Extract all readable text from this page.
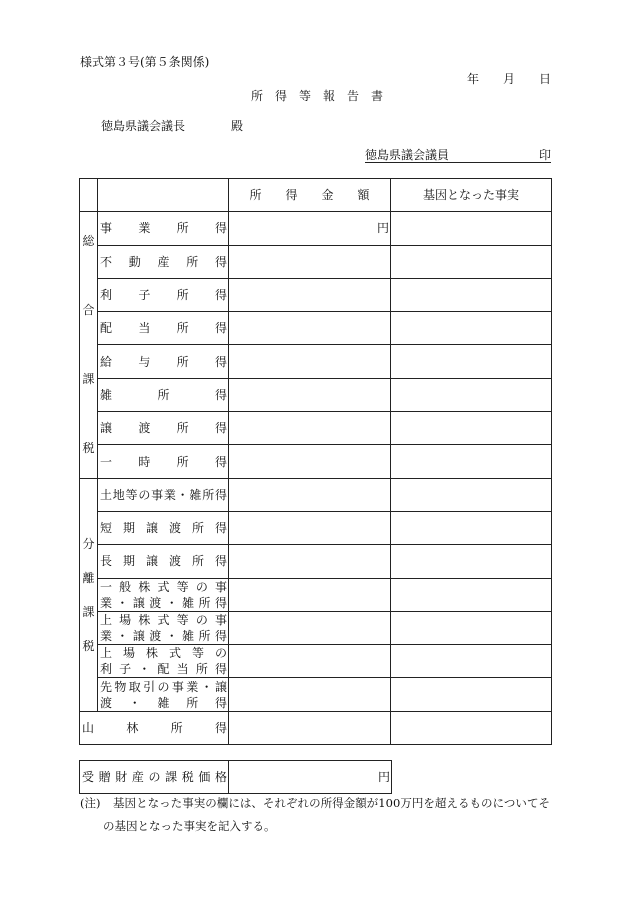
様式第３号(第５条関係)
年　　月　　日
所　得　等　報　告　書
徳島県議会議長	殿
徳島県議会議員	印
		所　　得　　金　　額	基因となった事実

総
合
課
税	事業所得	円	

	不動産所得		

	利子所得		

	配当所得		

	給与所得		

	雑所得		

	譲渡所得		

	一時所得		

分
離
課
税	土地等の事業・雑所得		

	短期譲渡所得		

	長期譲渡所得		

	一般株式等の事
業・譲渡・雑所得		

	上場株式等の事
業・譲渡・雑所得		

	上場株式等の
利子・配当所得		

	先物取引の事業・譲
渡・雑所得		

山林所得			

受贈財産の課税価格	円
(注) 基因となった事実の欄には、それぞれの所得金額が100万円を超えるものについてそ
の基因となった事実を記入する。
